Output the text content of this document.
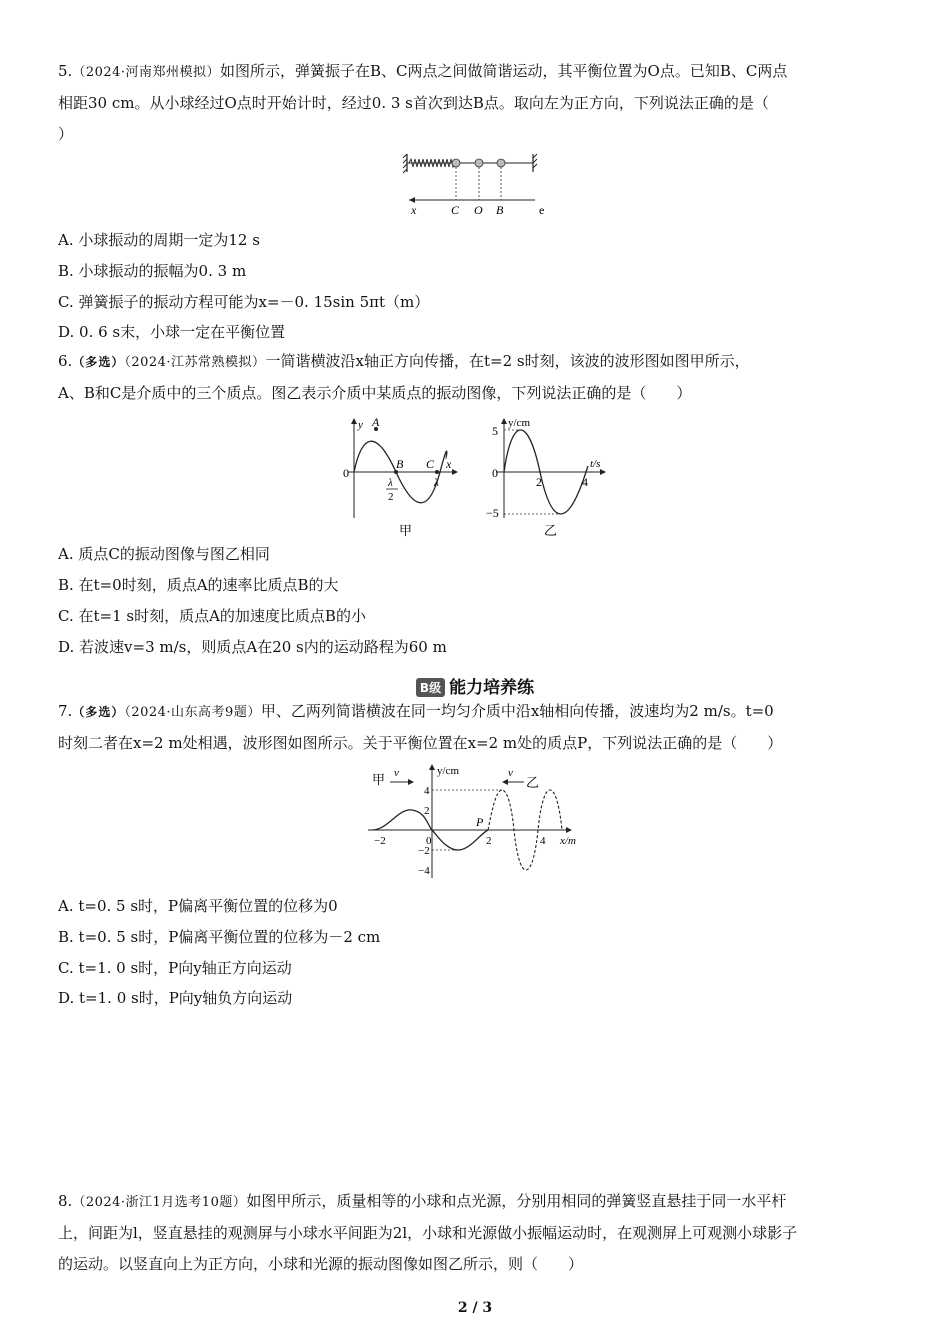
5.（2024·河南郑州模拟）如图所示，弹簧振子在B、C两点之间做简谐运动，其平衡位置为O点。已知B、C两点
相距30 cm。从小球经过O点时开始计时，经过0. 3 s首次到达B点。取向左为正方向，下列说法正确的是（
）
x	C O B	e
A. 小球振动的周期一定为12 s
B. 小球振动的振幅为0. 3 m
C. 弹簧振子的振动方程可能为x=－0. 15sin 5πt（m）
D. 0. 6 s末，小球一定在平衡位置
6.（多选）（2024·江苏常熟模拟）一简谐横波沿x轴正方向传播，在t=2 s时刻，该波的波形图如图甲所示，
A、B和C是介质中的三个质点。图乙表示介质中某质点的振动图像，下列说法正确的是（　　）
y A
B C x
0
λ
2
λ
甲
y/cm
5
−5
0
2	4
t/s
乙
A. 质点C的振动图像与图乙相同
B. 在t=0时刻，质点A的速率比质点B的大
C. 在t=1 s时刻，质点A的加速度比质点B的小
D. 若波速v=3 m/s，则质点A在20 s内的运动路程为60 m
B级 能力培养练
7.（多选）（2024·山东高考9题）甲、乙两列简谐横波在同一均匀介质中沿x轴相向传播，波速均为2 m/s。t=0
时刻二者在x=2 m处相遇，波形图如图所示。关于平衡位置在x=2 m处的质点P，下列说法正确的是（　　）
甲 v	v
乙
y/cm
4
2
−2
−4
−2	0	2	4 x/m
P
A. t=0. 5 s时，P偏离平衡位置的位移为0
B. t=0. 5 s时，P偏离平衡位置的位移为－2 cm
C. t=1. 0 s时，P向y轴正方向运动
D. t=1. 0 s时，P向y轴负方向运动
8.（2024·浙江1月选考10题）如图甲所示，质量相等的小球和点光源，分别用相同的弹簧竖直悬挂于同一水平杆
上，间距为l，竖直悬挂的观测屏与小球水平间距为2l，小球和光源做小振幅运动时，在观测屏上可观测小球影子
的运动。以竖直向上为正方向，小球和光源的振动图像如图乙所示，则（　　）
2 / 3
